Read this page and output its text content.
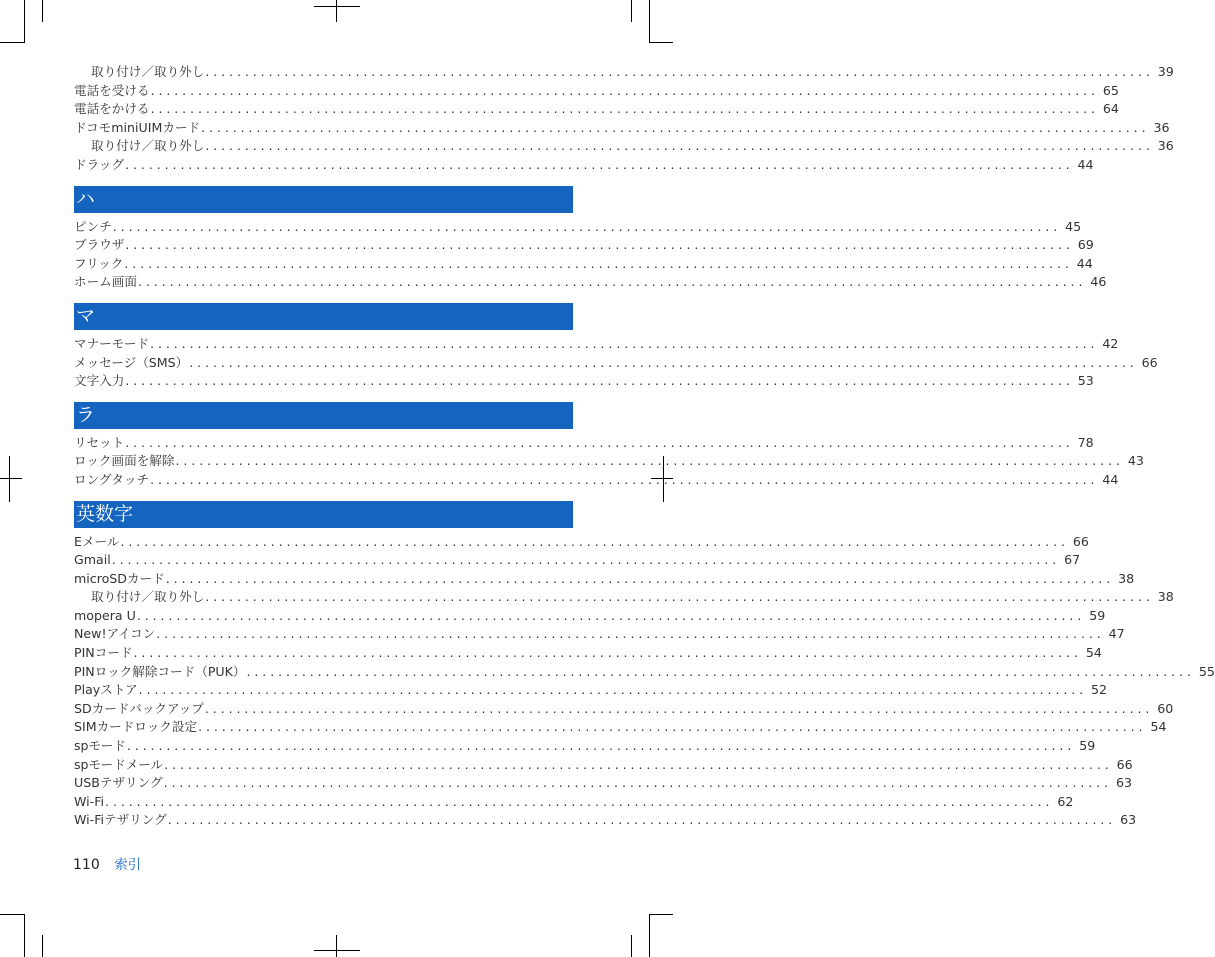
取り付け／取り外し ........................................................................................................................ 39
電話を受ける ........................................................................................................................ 65
電話をかける ........................................................................................................................ 64
ドコモminiUIMカード ........................................................................................................................ 36
取り付け／取り外し ........................................................................................................................ 36
ドラッグ ........................................................................................................................ 44
ハ
ピンチ ........................................................................................................................ 45
ブラウザ ........................................................................................................................ 69
フリック ........................................................................................................................ 44
ホーム画面 ........................................................................................................................ 46
マ
マナーモード ........................................................................................................................ 42
メッセージ（SMS） ........................................................................................................................ 66
文字入力 ........................................................................................................................ 53
ラ
リセット ........................................................................................................................ 78
ロック画面を解除 ........................................................................................................................ 43
ロングタッチ ........................................................................................................................ 44
英数字
Eメール ........................................................................................................................ 66
Gmail ........................................................................................................................ 67
microSDカード ........................................................................................................................ 38
取り付け／取り外し ........................................................................................................................ 38
mopera U ........................................................................................................................ 59
New!アイコン ........................................................................................................................ 47
PINコード ........................................................................................................................ 54
PINロック解除コード（PUK） ........................................................................................................................ 55
Playストア ........................................................................................................................ 52
SDカードバックアップ ........................................................................................................................ 60
SIMカードロック設定 ........................................................................................................................ 54
spモード ........................................................................................................................ 59
spモードメール ........................................................................................................................ 66
USBテザリング ........................................................................................................................ 63
Wi-Fi ........................................................................................................................ 62
Wi-Fiテザリング ........................................................................................................................ 63
110 索引
